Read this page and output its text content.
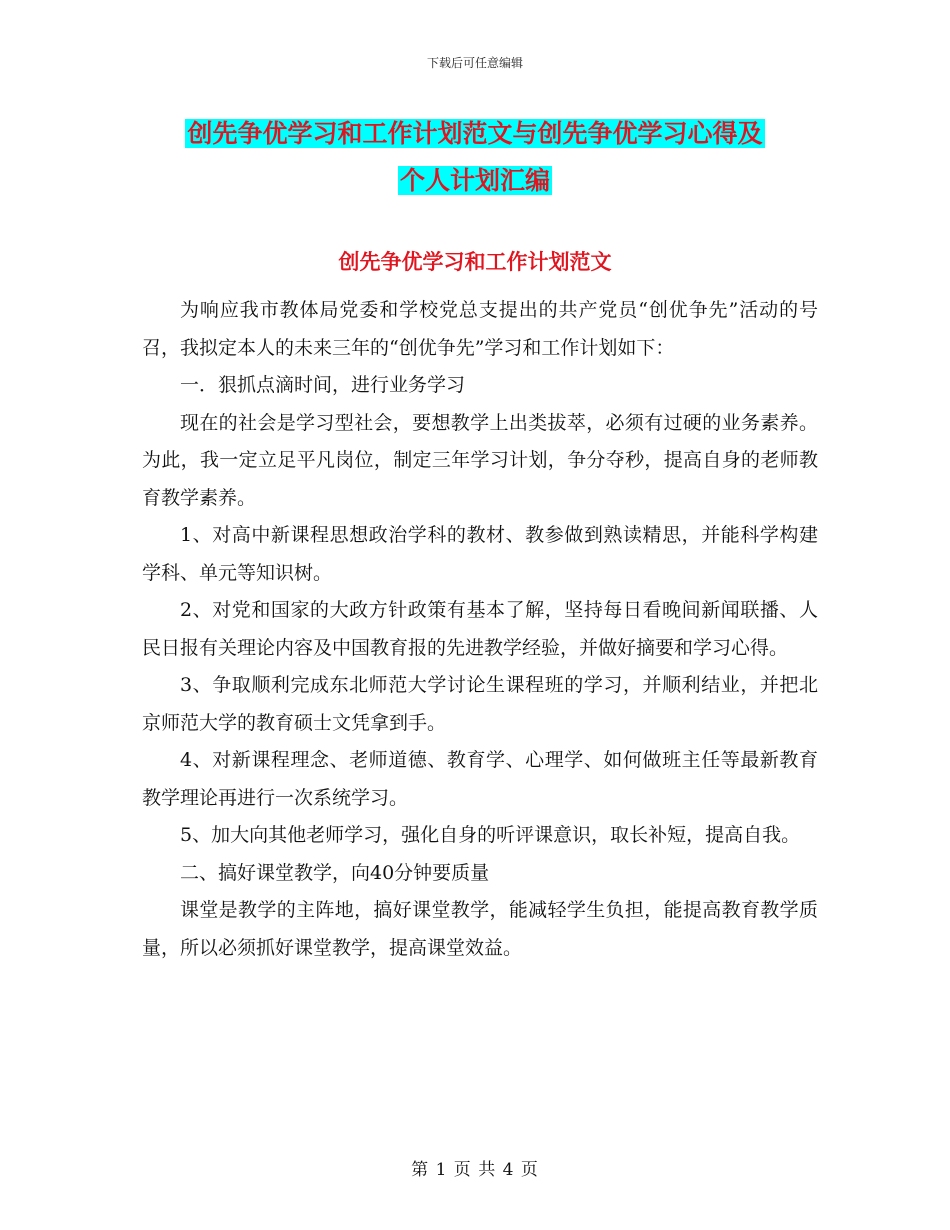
下载后可任意编辑
创先争优学习和工作计划范文与创先争优学习心得及
个人计划汇编
创先争优学习和工作计划范文

为响应我市教体局党委和学校党总支提出的共产党员“创优争先”活动的号召，我拟定本人的未来三年的“创优争先”学习和工作计划如下：

一．狠抓点滴时间，进行业务学习

现在的社会是学习型社会，要想教学上出类拔萃，必须有过硬的业务素养。为此，我一定立足平凡岗位，制定三年学习计划，争分夺秒，提高自身的老师教育教学素养。

1、对高中新课程思想政治学科的教材、教参做到熟读精思，并能科学构建学科、单元等知识树。

2、对党和国家的大政方针政策有基本了解，坚持每日看晚间新闻联播、人民日报有关理论内容及中国教育报的先进教学经验，并做好摘要和学习心得。

3、争取顺利完成东北师范大学讨论生课程班的学习，并顺利结业，并把北京师范大学的教育硕士文凭拿到手。

4、对新课程理念、老师道德、教育学、心理学、如何做班主任等最新教育教学理论再进行一次系统学习。

5、加大向其他老师学习，强化自身的听评课意识，取长补短，提高自我。

二、搞好课堂教学，向40分钟要质量

课堂是教学的主阵地，搞好课堂教学，能减轻学生负担，能提高教育教学质量，所以必须抓好课堂教学，提高课堂效益。

第 1 页 共 4 页
